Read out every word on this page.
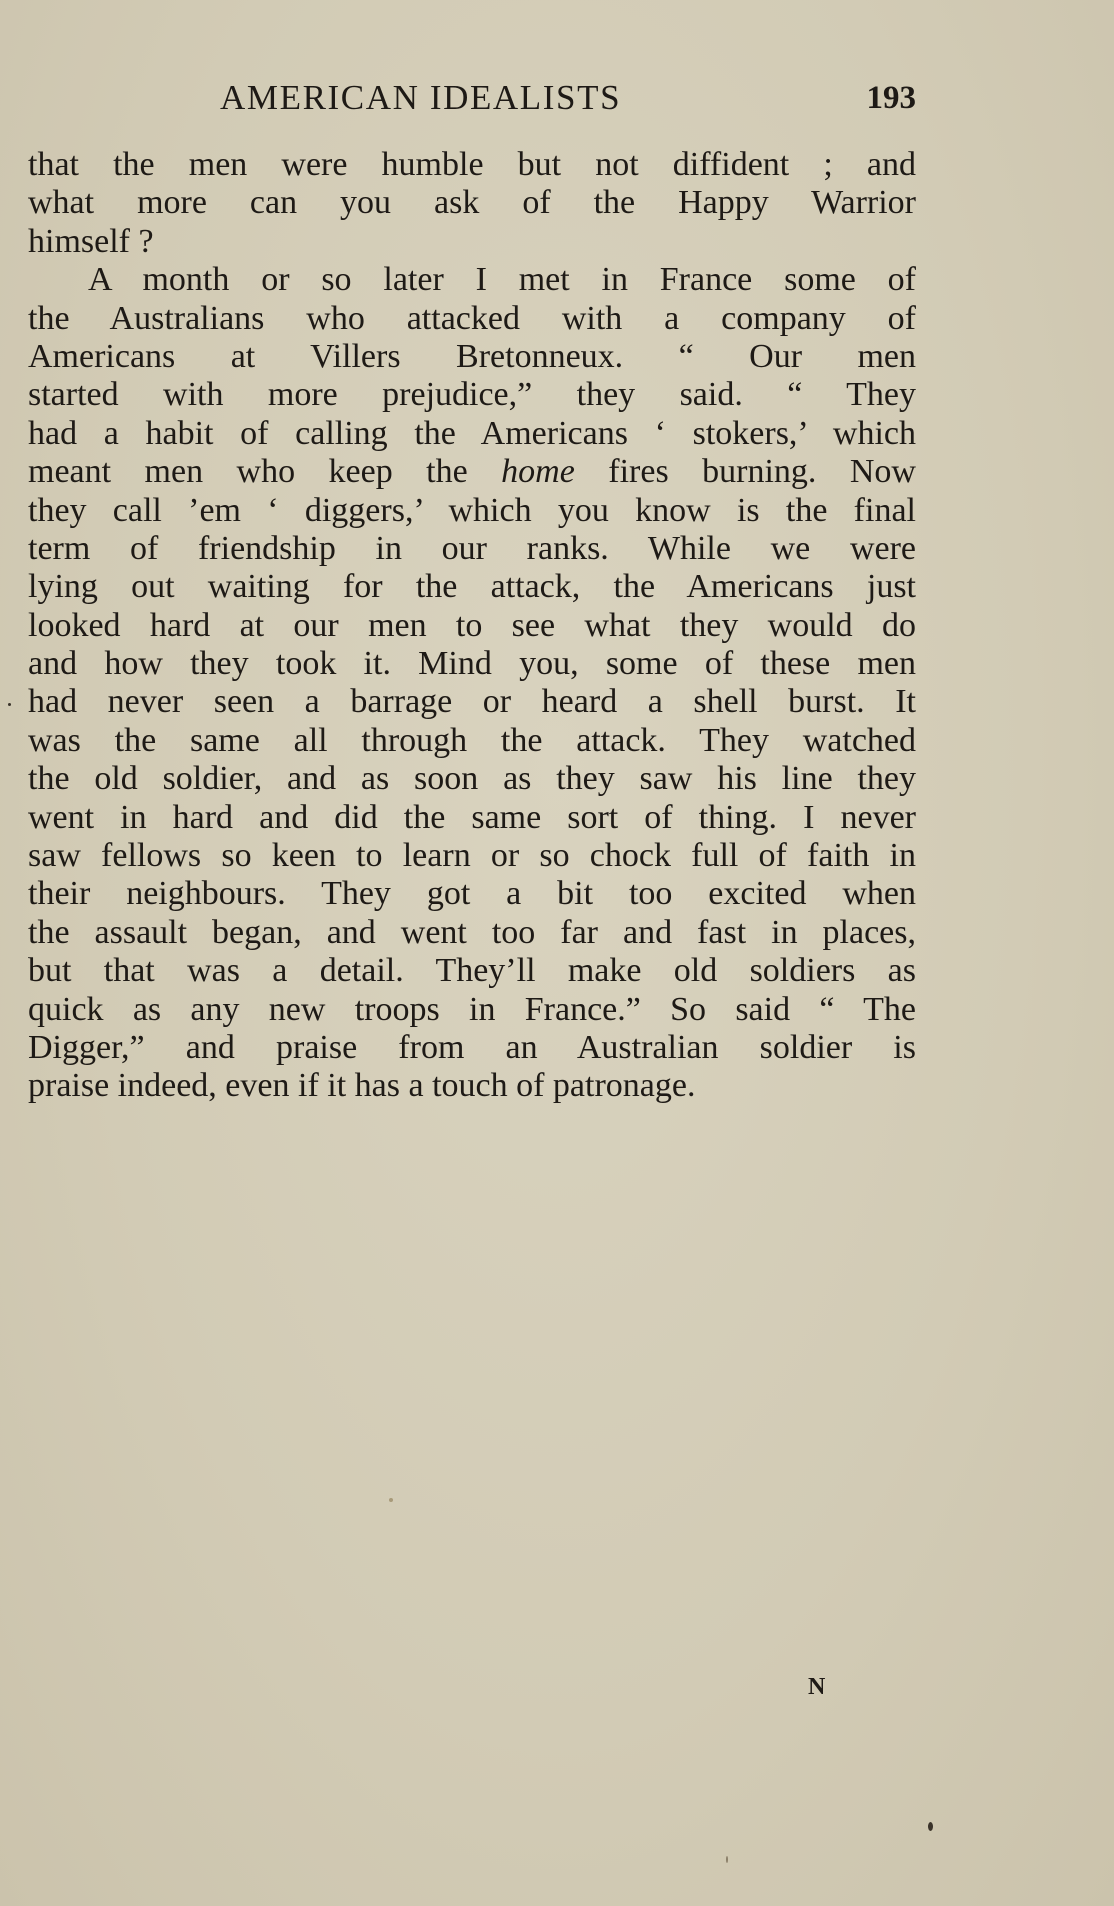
AMERICAN IDEALISTS	193
that the men were humble but not diffident ; and
what more can you ask of the Happy Warrior
himself ?
A month or so later I met in France some of
the Australians who attacked with a company of
Americans at Villers Bretonneux. “ Our men
started with more prejudice,” they said. “ They
had a habit of calling the Americans ‘ stokers,’ which
meant men who keep the home fires burning. Now
they call ’em ‘ diggers,’ which you know is the final
term of friendship in our ranks. While we were
lying out waiting for the attack, the Americans just
looked hard at our men to see what they would do
and how they took it. Mind you, some of these men
had never seen a barrage or heard a shell burst. It
was the same all through the attack. They watched
the old soldier, and as soon as they saw his line they
went in hard and did the same sort of thing. I never
saw fellows so keen to learn or so chock full of faith in
their neighbours. They got a bit too excited when
the assault began, and went too far and fast in places,
but that was a detail. They’ll make old soldiers as
quick as any new troops in France.” So said “ The
Digger,” and praise from an Australian soldier is
praise indeed, even if it has a touch of patronage.
N
